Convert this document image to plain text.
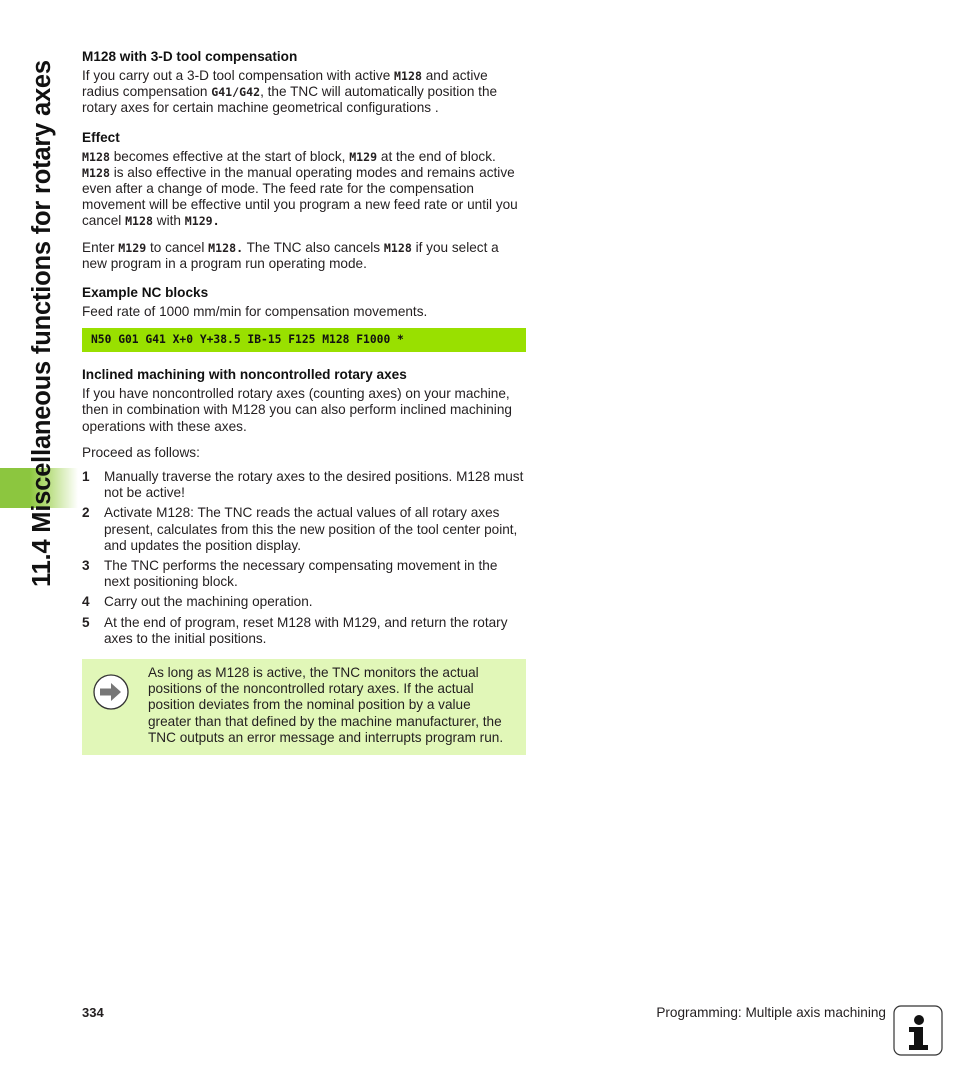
11.4 Miscellaneous functions for rotary axes
M128 with 3-D tool compensation

If you carry out a 3-D tool compensation with active M128 and active radius compensation G41/G42, the TNC will automatically position the rotary axes for certain machine geometrical configurations .

Effect

M128 becomes effective at the start of block, M129 at the end of block. M128 is also effective in the manual operating modes and remains active even after a change of mode. The feed rate for the compensation movement will be effective until you program a new feed rate or until you cancel M128 with M129.

Enter M129 to cancel M128. The TNC also cancels M128 if you select a new program in a program run operating mode.

Example NC blocks

Feed rate of 1000 mm/min for compensation movements.

N50 G01 G41 X+0 Y+38.5 IB-15 F125 M128 F1000 *
Inclined machining with noncontrolled rotary axes

If you have noncontrolled rotary axes (counting axes) on your machine, then in combination with M128 you can also perform inclined machining operations with these axes.

Proceed as follows:

1	Manually traverse the rotary axes to the desired positions. M128 must not be active!
2	Activate M128: The TNC reads the actual values of all rotary axes present, calculates from this the new position of the tool center point, and updates the position display.
3	The TNC performs the necessary compensating movement in the next positioning block.
4	Carry out the machining operation.
5	At the end of program, reset M128 with M129, and return the rotary axes to the initial positions.
As long as M128 is active, the TNC monitors the actual positions of the noncontrolled rotary axes. If the actual position deviates from the nominal position by a value greater than that defined by the machine manufacturer, the TNC outputs an error message and interrupts program run.
334	Programming: Multiple axis machining
